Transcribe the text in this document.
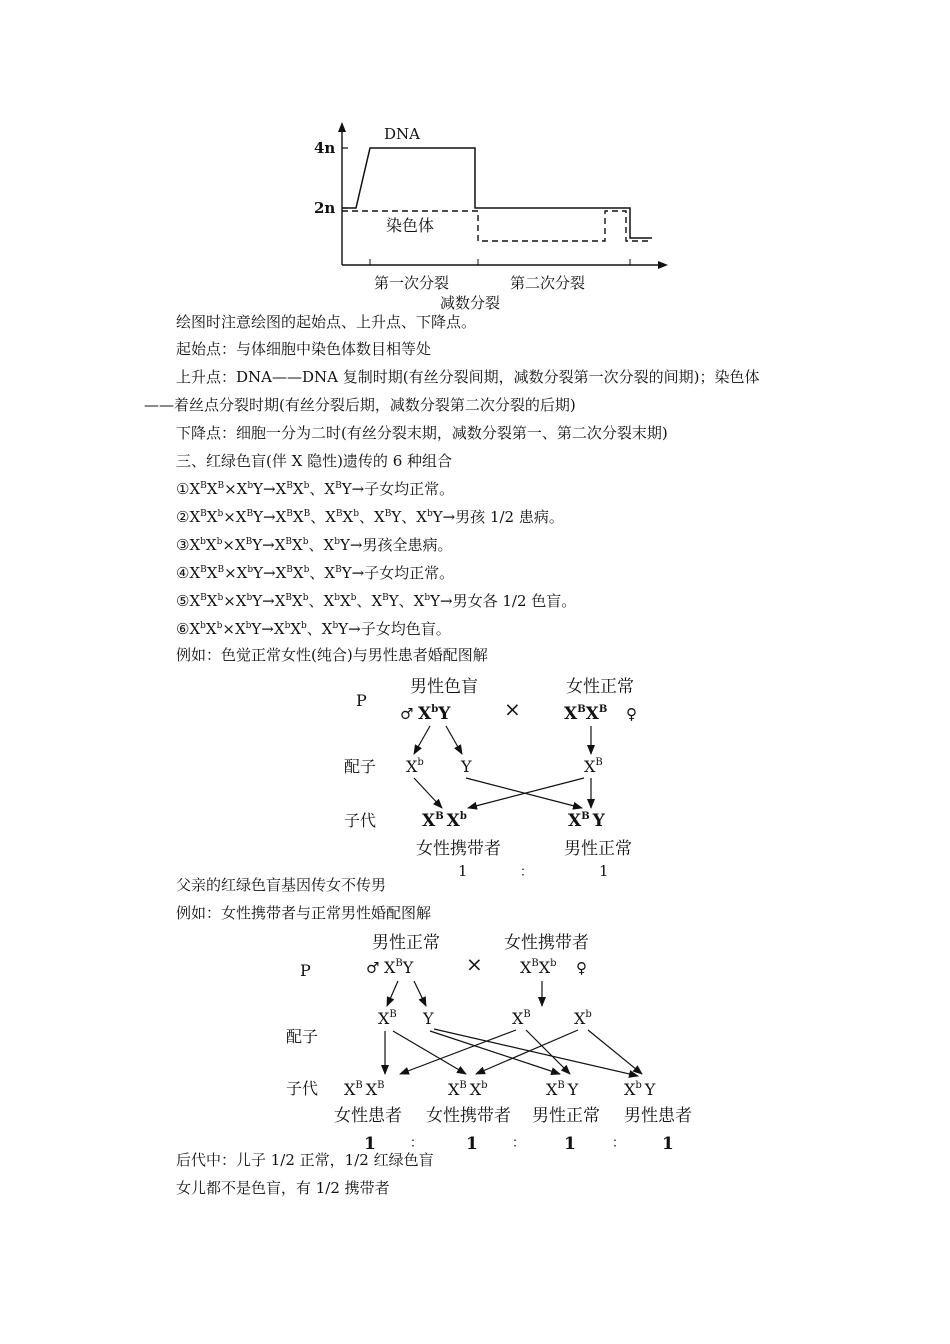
4n
2n
DNA
染色体
第一次分裂	第二次分裂
减数分裂
绘图时注意绘图的起始点、上升点、下降点。
起始点：与体细胞中染色体数目相等处
上升点：DNA——DNA 复制时期(有丝分裂间期，减数分裂第一次分裂的间期)；染色体
——着丝点分裂时期(有丝分裂后期，减数分裂第二次分裂的后期)
下降点：细胞一分为二时(有丝分裂末期，减数分裂第一、第二次分裂末期)
三、红绿色盲(伴 X 隐性)遗传的 6 种组合
$①X^BX^B\times X^bY\to X^BX^b$、$X^BY\to$子女均正常。
$②X^BX^b\times X^BY\to X^BX^B$、$X^BX^b$、$X^BY$、$X^bY\to$男孩 1/2 患病。
$③X^bX^b\times X^BY\to X^BX^b$、$X^bY\to$男孩全患病。
$④X^BX^B\times X^bY\to X^BX^b$、$X^BY\to$子女均正常。
$⑤X^BX^b\times X^bY\to X^BX^b$、$X^bX^b$、$X^BY$、$X^bY\to$男女各 1/2 色盲。
$⑥X^bX^b\times X^bY\to X^bX^b$、$X^bY\to$子女均色盲。
例如：色觉正常女性(纯合)与男性患者婚配图解
P
配子
子代
男性色盲	女性正常
×
♂ $X^bY$	$X^BX^B$ ♀
$X^b$ Y	$X^B$
$X^B$ $X^b$	$X^B$ Y
女性携带者	男性正常
1	：	1
父亲的红绿色盲基因传女不传男
例如：女性携带者与正常男性婚配图解
P
配子
子代
男性正常	女性携带者
×
♂ $X^BY$	$X^BX^b$ ♀
$X^B$ Y	$X^B$	$X^b$
$X^B$ $X^B$	$X^B$ $X^b$	$X^B$ Y	$X^b$ Y
女性患者 女性携带者 男性正常 男性患者
1	：	1	： 1	： 1
后代中：儿子 1/2 正常，1/2 红绿色盲
女儿都不是色盲，有 1/2 携带者
